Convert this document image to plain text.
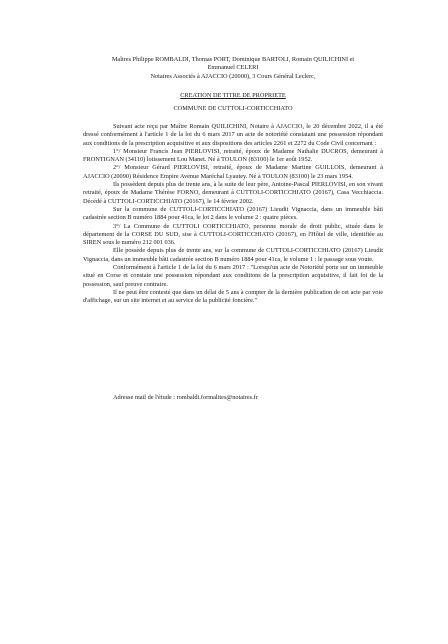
Maîtres Philippe ROMBALDI, Thomas PORT, Dominique BARTOLI, Romain QUILICHINI et
Emmanuel CELERI
Notaires Associés à AJACCIO (20000), 3 Cours Général Leclerc,
CREATION DE TITRE DE PROPRIETE
COMMUNE DE CUTTOLI-CORTICCHIATO

Suivant acte reçu par Maître Romain QUILICHINI, Notaire à AJACCIO, le 20 décembre 2022, il a été dressé conformément à l'article 1 de la loi du 6 mars 2017 un acte de notoriété constatant une possession répondant aux conditions de la prescription acquisitive et aux dispositions des articles 2261 et 2272 du Code Civil concernant :

1°/ Monsieur Francis Jean PIERLOVISI, retraité, époux de Madame Nathalie DUCROS, demeurant à FRONTIGNAN (34110) lotissement Lou Manet. Né à TOULON (83100) le 1er août 1952.

2°/ Monsieur Gérard PIERLOVISI, retraité, époux de Madame Martine GUILLOIS, demeurant à AJACCIO (20090) Résidence Empire Avenue Maréchal Lyautey. Né à TOULON (83100) le 23 mars 1954.

Ils possèdent depuis plus de trente ans, à la suite de leur père, Antoine-Pascal PIERLOVISI, en son vivant retraité, époux de Madame Thérèse FORNO, demeurant à CUTTOLI-CORTICCHIATO (20167), Casa Vecchiaccia. Décédé à CUTTOLI-CORTICCHIATO (20167), le 14 février 2002.

Sur la commune de CUTTOLI-CORTICCHIATO (20167) Lieudit Vignaccia, dans un immeuble bâti cadastrée section B numéro 1884 pour 41ca, le lot 2 dans le volume 2 : quatre pièces.

3°/ La Commune de CUTTOLI CORTICCHIATO, personne morale de droit public, située dans le département de la CORSE DU SUD, sise à CUTTOLI-CORTICCHIATO (20167), en l'Hôtel de ville, identifiée au SIREN sous le numéro 212 001 036.

Elle possède depuis plus de trente ans, sur la commune de CUTTOLI-CORTICCHIATO (20167) Lieudit Vignaccia, dans un immeuble bâti cadastrée section B numéro 1884 pour 41ca, le volume 1 : le passage sous voute.

Conformément à l'article 1 de la loi du 6 mars 2017 : "Lorsqu'un acte de Notoriété porte sur un immeuble situé en Corse et constate une possession répondant aux conditions de la prescription acquisitive, il fait foi de la possession, sauf preuve contraire.

Il ne peut être contesté que dans un délai de 5 ans à compter de la dernière publication de cet acte par voie d'affichage, sur un site internet et au service de la publicité foncière."

Adresse mail de l'étude : rombaldi.formalites@notaires.fr
